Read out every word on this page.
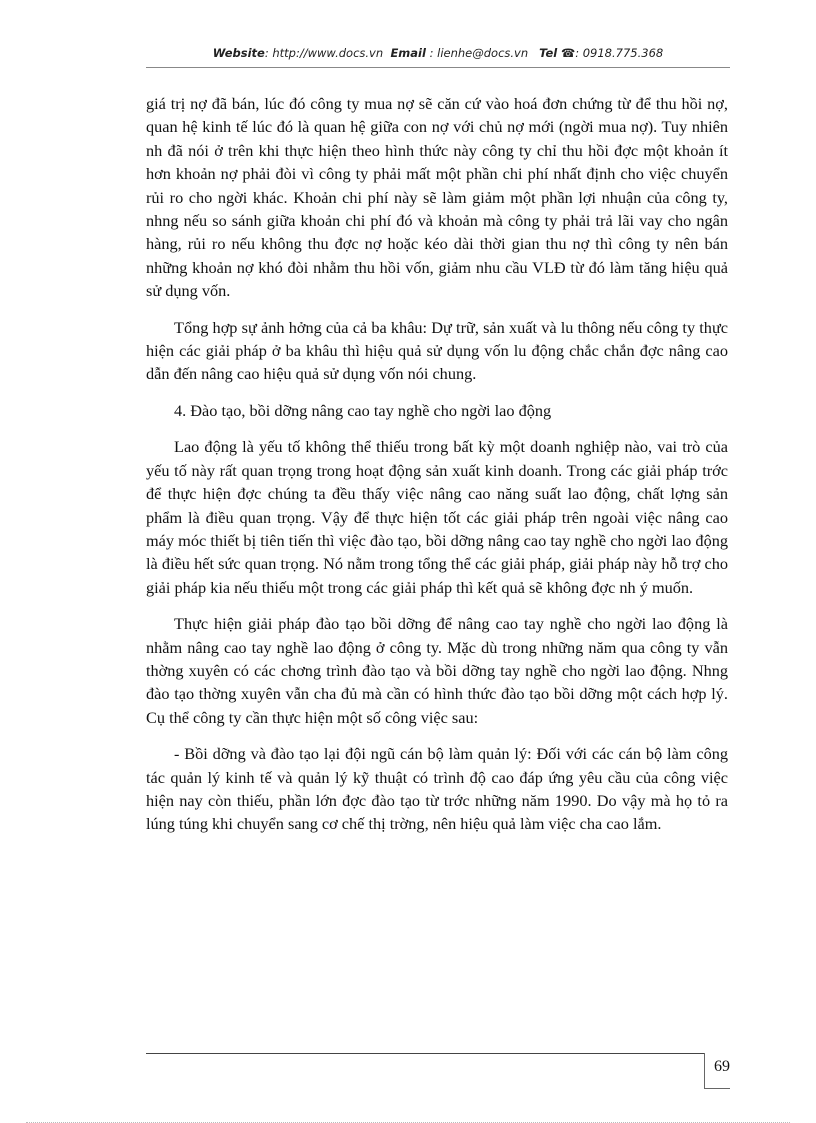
Website: http://www.docs.vn Email : lienhe@docs.vn Tel ☎: 0918.775.368

giá trị nợ đã bán, lúc đó công ty mua nợ sẽ căn cứ vào hoá đơn chứng từ để thu hồi nợ, quan hệ kinh tế lúc đó là quan hệ giữa con nợ với chủ nợ mới (ngời mua nợ). Tuy nhiên nh đã nói ở trên khi thực hiện theo hình thức này công ty chỉ thu hồi đợc một khoản ít hơn khoản nợ phải đòi vì công ty phải mất một phần chi phí nhất định cho việc chuyển rủi ro cho ngời khác. Khoản chi phí này sẽ làm giảm một phần lợi nhuận của công ty, nhng nếu so sánh giữa khoản chi phí đó và khoản mà công ty phải trả lãi vay cho ngân hàng, rủi ro nếu không thu đợc nợ hoặc kéo dài thời gian thu nợ thì công ty nên bán những khoản nợ khó đòi nhằm thu hồi vốn, giảm nhu cầu VLĐ từ đó làm tăng hiệu quả sử dụng vốn.

Tổng hợp sự ảnh hởng của cả ba khâu: Dự trữ, sản xuất và lu thông nếu công ty thực hiện các giải pháp ở ba khâu thì hiệu quả sử dụng vốn lu động chắc chắn đợc nâng cao dẫn đến nâng cao hiệu quả sử dụng vốn nói chung.

4. Đào tạo, bồi dỡng nâng cao tay nghề cho ngời lao động

Lao động là yếu tố không thể thiếu trong bất kỳ một doanh nghiệp nào, vai trò của yếu tố này rất quan trọng trong hoạt động sản xuất kinh doanh. Trong các giải pháp trớc để thực hiện đợc chúng ta đều thấy việc nâng cao năng suất lao động, chất lợng sản phẩm là điều quan trọng. Vậy để thực hiện tốt các giải pháp trên ngoài việc nâng cao máy móc thiết bị tiên tiến thì việc đào tạo, bồi dỡng nâng cao tay nghề cho ngời lao động là điều hết sức quan trọng. Nó nằm trong tổng thể các giải pháp, giải pháp này hỗ trợ cho giải pháp kia nếu thiếu một trong các giải pháp thì kết quả sẽ không đợc nh ý muốn.

Thực hiện giải pháp đào tạo bồi dỡng để nâng cao tay nghề cho ngời lao động là nhằm nâng cao tay nghề lao động ở công ty. Mặc dù trong những năm qua công ty vẫn thờng xuyên có các chơng trình đào tạo và bồi dỡng tay nghề cho ngời lao động. Nhng đào tạo thờng xuyên vẫn cha đủ mà cần có hình thức đào tạo bồi dỡng một cách hợp lý. Cụ thể công ty cần thực hiện một số công việc sau:

- Bồi dỡng và đào tạo lại đội ngũ cán bộ làm quản lý: Đối với các cán bộ làm công tác quản lý kinh tế và quản lý kỹ thuật có trình độ cao đáp ứng yêu cầu của công việc hiện nay còn thiếu, phần lớn đợc đào tạo từ trớc những năm 1990. Do vậy mà họ tỏ ra lúng túng khi chuyển sang cơ chế thị trờng, nên hiệu quả làm việc cha cao lắm.

69
